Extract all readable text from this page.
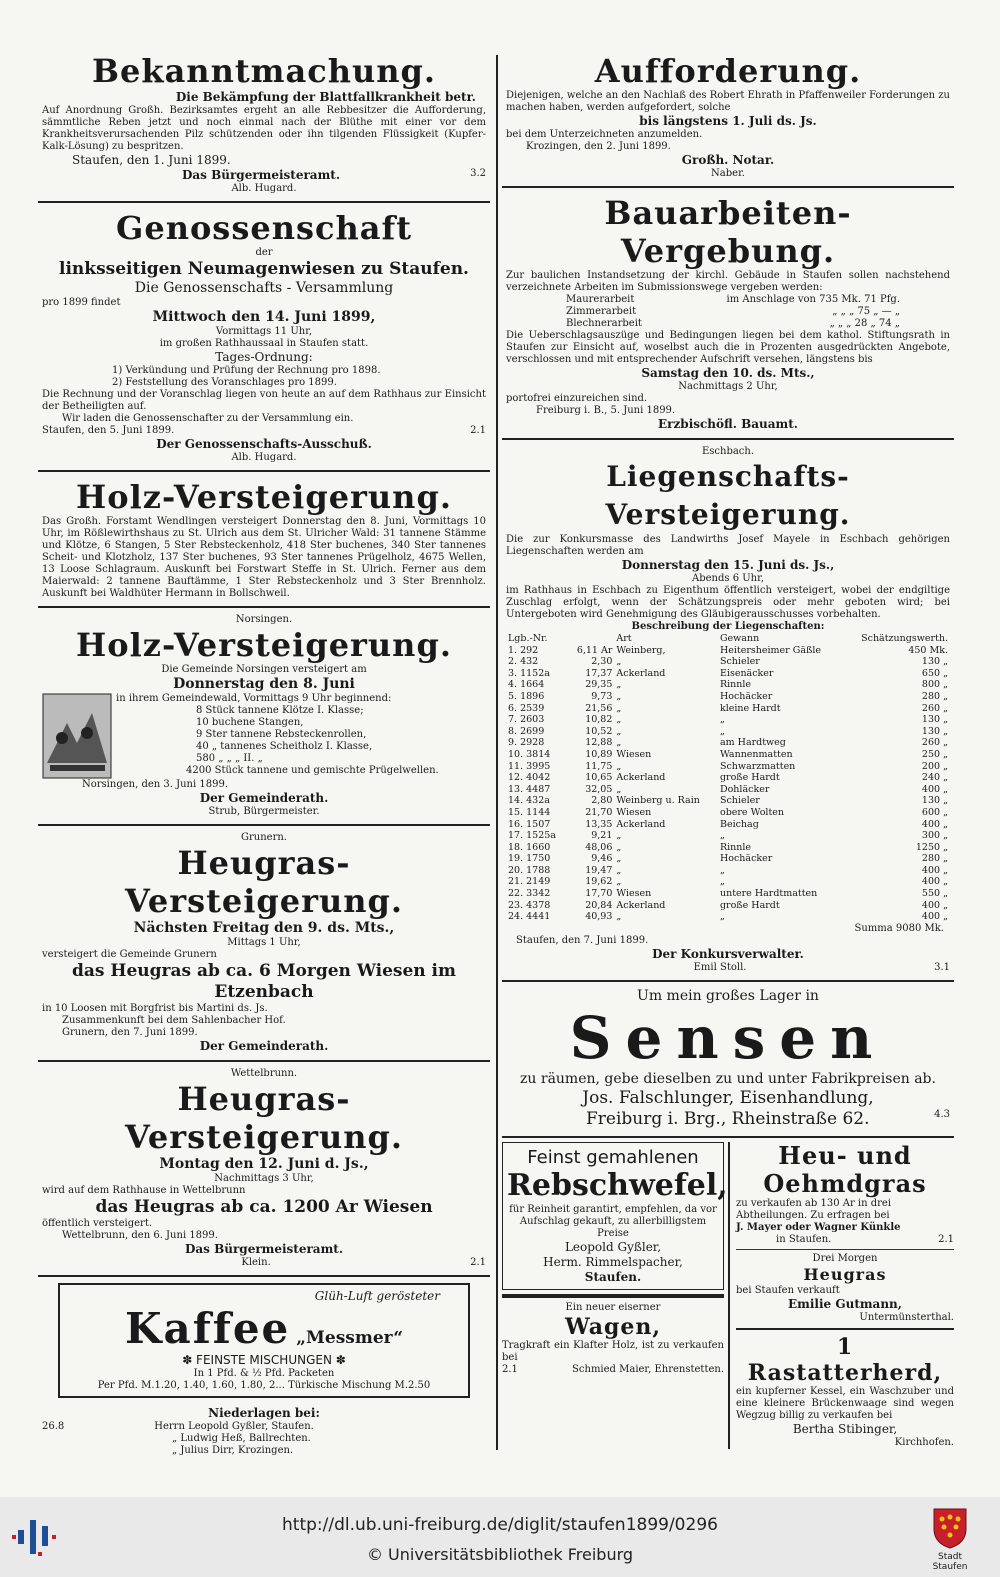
Bekanntmachung.
Die Bekämpfung der Blattfallkrankheit betr.
Auf Anordnung Großh. Bezirksamtes ergeht an alle Rebbesitzer die Aufforderung, sämmtliche Reben jetzt und noch einmal nach der Blüthe mit einer vor dem Krankheitsverursachenden Pilz schützenden oder ihn tilgenden Flüssigkeit (Kupfer-Kalk-Lösung) zu bespritzen.
Staufen, den 1. Juni 1899.
Das Bürgermeisteramt.	3.2
Alb. Hugard.
Genossenschaft
der
linksseitigen Neumagenwiesen zu Staufen.
Die Genossenschafts - Versammlung
pro 1899 findet
Mittwoch den 14. Juni 1899,
Vormittags 11 Uhr,
im großen Rathhaussaal in Staufen statt.
Tages-Ordnung:
1) Verkündung und Prüfung der Rechnung pro 1898.
2) Feststellung des Voranschlages pro 1899.
Die Rechnung und der Voranschlag liegen von heute an auf dem Rathhaus zur Einsicht der Betheiligten auf.
Wir laden die Genossenschafter zu der Versammlung ein.
Staufen, den 5. Juni 1899.	2.1
Der Genossenschafts-Ausschuß.
Alb. Hugard.
Holz-Versteigerung.
Das Großh. Forstamt Wendlingen versteigert Donnerstag den 8. Juni, Vormittags 10 Uhr, im Rößlewirthshaus zu St. Ulrich aus dem St. Ulricher Wald: 31 tannene Stämme und Klötze, 6 Stangen, 5 Ster Rebsteckenholz, 418 Ster buchenes, 340 Ster tannenes Scheit- und Klotzholz, 137 Ster buchenes, 93 Ster tannenes Prügelholz, 4675 Wellen, 13 Loose Schlagraum. Auskunft bei Forstwart Steffe in St. Ulrich. Ferner aus dem Maierwald: 2 tannene Bauftämme, 1 Ster Rebsteckenholz und 3 Ster Brennholz. Auskunft bei Waldhüter Hermann in Bollschweil.
Norsingen.
Holz-Versteigerung.
Die Gemeinde Norsingen versteigert am
Donnerstag den 8. Juni
in ihrem Gemeindewald, Vormittags 9 Uhr beginnend:
8 Stück tannene Klötze I. Klasse;
10 buchene Stangen,
9 Ster tannene Rebsteckenrollen,
40 „ tannenes Scheitholz I. Klasse,
580 „ „ „ II. „
4200 Stück tannene und gemischte Prügelwellen.
Norsingen, den 3. Juni 1899.
Der Gemeinderath.
Strub, Bürgermeister.
Grunern.
Heugras-Versteigerung.
Nächsten Freitag den 9. ds. Mts.,
Mittags 1 Uhr,
versteigert die Gemeinde Grunern
das Heugras ab ca. 6 Morgen Wiesen im Etzenbach
in 10 Loosen mit Borgfrist bis Martini ds. Js.
Zusammenkunft bei dem Sahlenbacher Hof.
Grunern, den 7. Juni 1899.
Der Gemeinderath.
Wettelbrunn.
Heugras-Versteigerung.
Montag den 12. Juni d. Js.,
Nachmittags 3 Uhr,
wird auf dem Rathhause in Wettelbrunn
das Heugras ab ca. 1200 Ar Wiesen
öffentlich versteigert.
Wettelbrunn, den 6. Juni 1899.
Das Bürgermeisteramt.
Klein.	2.1
Glüh-Luft gerösteter
Kaffee „Messmer“
✽ FEINSTE MISCHUNGEN ✽
In 1 Pfd. & ½ Pfd. Packeten
Per Pfd. M.1.20, 1.40, 1.60, 1.80, 2... Türkische Mischung M.2.50
Niederlagen bei:
26.8	Herrn Leopold Gyßler, Staufen.
„ Ludwig Heß, Ballrechten.
„ Julius Dirr, Krozingen.
Aufforderung.
Diejenigen, welche an den Nachlaß des Robert Ehrath in Pfaffenweiler Forderungen zu machen haben, werden aufgefordert, solche
bis längstens 1. Juli ds. Js.
bei dem Unterzeichneten anzumelden.
Krozingen, den 2. Juni 1899.
Großh. Notar.
Naber.
Bauarbeiten-Vergebung.
Zur baulichen Instandsetzung der kirchl. Gebäude in Staufen sollen nachstehend verzeichnete Arbeiten im Submissionswege vergeben werden:
Maurerarbeit	im Anschlage von 735 Mk. 71 Pfg.
Zimmerarbeit	„ „ „ 75 „ — „
Blechnerarbeit	„ „ „ 28 „ 74 „
Die Ueberschlagsauszüge und Bedingungen liegen bei dem kathol. Stiftungsrath in Staufen zur Einsicht auf, woselbst auch die in Prozenten ausgedrückten Angebote, verschlossen und mit entsprechender Aufschrift versehen, längstens bis
Samstag den 10. ds. Mts.,
Nachmittags 2 Uhr,
portofrei einzureichen sind.
Freiburg i. B., 5. Juni 1899.
Erzbischöfl. Bauamt.
Eschbach.
Liegenschafts-Versteigerung.
Die zur Konkursmasse des Landwirths Josef Mayele in Eschbach gehörigen Liegenschaften werden am
Donnerstag den 15. Juni ds. Js.,
Abends 6 Uhr,
im Rathhaus in Eschbach zu Eigenthum öffentlich versteigert, wobei der endgiltige Zuschlag erfolgt, wenn der Schätzungspreis oder mehr geboten wird; bei Untergeboten wird Genehmigung des Gläubigerausschusses vorbehalten.
Beschreibung der Liegenschaften:
Lgb.-Nr.		Art	Gewann	Schätzungswerth.
1. 292	6,11 Ar	Weinberg,	Heitersheimer Gäßle	450 Mk.
2. 432	2,30	„	Schieler	130 „
3. 1152a	17,37	Ackerland	Eisenäcker	650 „
4. 1664	29,35	„	Rinnle	800 „
5. 1896	9,73	„	Hochäcker	280 „
6. 2539	21,56	„	kleine Hardt	260 „
7. 2603	10,82	„	„	130 „
8. 2699	10,52	„	„	130 „
9. 2928	12,88	„	am Hardtweg	260 „
10. 3814	10,89	Wiesen	Wannenmatten	250 „
11. 3995	11,75	„	Schwarzmatten	200 „
12. 4042	10,65	Ackerland	große Hardt	240 „
13. 4487	32,05	„	Dohläcker	400 „
14. 432a	2,80	Weinberg u. Rain	Schieler	130 „
15. 1144	21,70	Wiesen	obere Wolten	600 „
16. 1507	13,35	Ackerland	Beichag	400 „
17. 1525a	9,21	„	„	300 „
18. 1660	48,06	„	Rinnle	1250 „
19. 1750	9,46	„	Hochäcker	280 „
20. 1788	19,47	„	„	400 „
21. 2149	19,62	„	„	400 „
22. 3342	17,70	Wiesen	untere Hardtmatten	550 „
23. 4378	20,84	Ackerland	große Hardt	400 „
24. 4441	40,93	„	„	400 „
Summa 9080 Mk.
Staufen, den 7. Juni 1899.
Der Konkursverwalter.
Emil Stoll.	3.1
Um mein großes Lager in
Sensen
zu räumen, gebe dieselben zu und unter Fabrikpreisen ab.
Jos. Falschlunger, Eisenhandlung,
Freiburg i. Brg., Rheinstraße 62.	4.3
Feinst gemahlenen
Rebschwefel,
für Reinheit garantirt, empfehlen, da vor Aufschlag gekauft, zu allerbilligstem Preise
Leopold Gyßler,
Herm. Rimmelspacher,
Staufen.
Ein neuer eiserner
Wagen,
Tragkraft ein Klafter Holz, ist zu verkaufen bei
2.1	Schmied Maier, Ehrenstetten.
Heu- und Oehmdgras
zu verkaufen ab 130 Ar in drei Abtheilungen. Zu erfragen bei
J. Mayer oder Wagner Künkle
in Staufen.	2.1
Drei Morgen
Heugras
bei Staufen verkauft
Emilie Gutmann,
Untermünsterthal.
1 Rastatterherd,
ein kupferner Kessel, ein Waschzuber und eine kleinere Brückenwaage sind wegen Wegzug billig zu verkaufen bei
Bertha Stibinger,
Kirchhofen.
http://dl.ub.uni-freiburg.de/diglit/staufen1899/0296
© Universitätsbibliothek Freiburg	Stadt Staufen
